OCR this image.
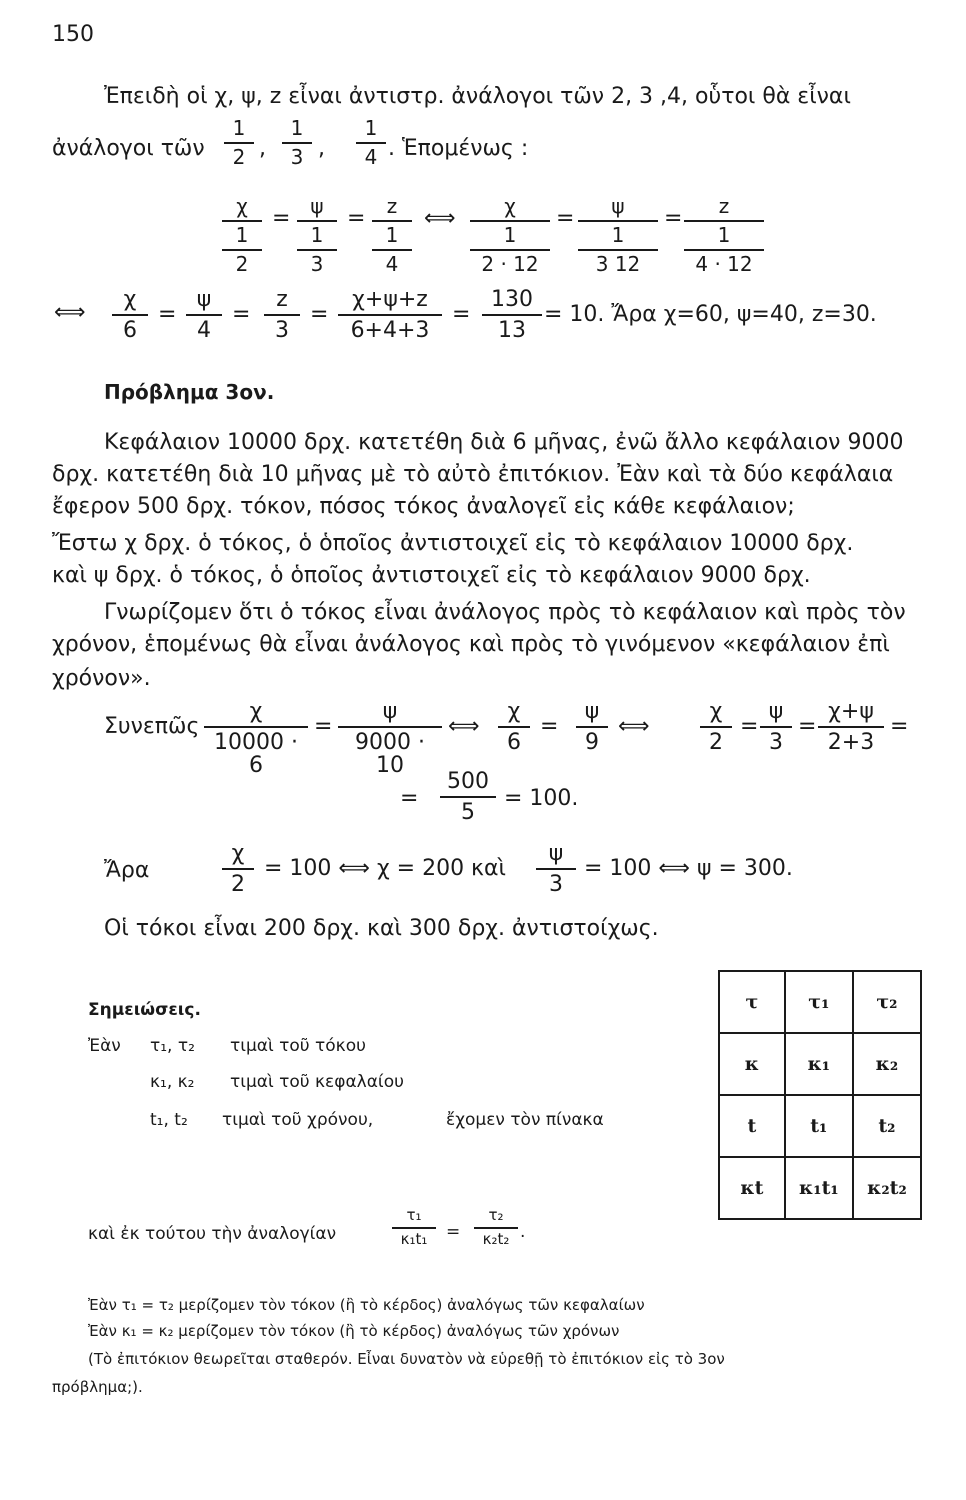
150
Ἐπειδὴ οἱ χ, ψ, z εἶναι ἀντιστρ. ἀνάλογοι τῶν 2, 3 ,4, οὗτοι θὰ εἶναι
ἀνάλογοι τῶν
1
2 ,
1
3 ,
1
4 . Ἑπομένως :
χ
1
2
= ψ
1
3
=	z
1
4
⟺	χ
1
2 · 12
=	ψ
1
3 12
=	z
1
4 · 12
⟺
χ
6
=
ψ
4
=
z
3
=
χ+ψ+z
6+4+3
=
130
13
= 10. Ἄρα χ=60, ψ=40, z=30.
Πρόβλημα 3ον.
Κεφάλαιον 10000 δρχ. κατετέθη διὰ 6 μῆνας, ἐνῶ ἄλλο κεφάλαιον 9000
δρχ. κατετέθη διὰ 10 μῆνας μὲ τὸ αὐτὸ ἐπιτόκιον. Ἐὰν καὶ τὰ δύο κεφάλαια
ἔφερον 500 δρχ. τόκον, πόσος τόκος ἀναλογεῖ εἰς κάθε κεφάλαιον;
Ἔστω χ δρχ. ὁ τόκος, ὁ ὁποῖος ἀντιστοιχεῖ εἰς τὸ κεφάλαιον 10000 δρχ.
καὶ ψ δρχ. ὁ τόκος, ὁ ὁποῖος ἀντιστοιχεῖ εἰς τὸ κεφάλαιον 9000 δρχ.
Γνωρίζομεν ὅτι ὁ τόκος εἶναι ἀνάλογος πρὸς τὸ κεφάλαιον καὶ πρὸς τὸν
χρόνον, ἑπομένως θὰ εἶναι ἀνάλογος καὶ πρὸς τὸ γινόμενον «κεφάλαιον ἐπὶ
χρόνον».
Συνεπῶς
χ
10000 · 6
=
ψ
9000 · 10
⟺
χ
6
=
ψ
9
⟺
χ
2
=
ψ
3
=
χ+ψ
2+3
=
=
500
5
= 100.
Ἄρα
χ
2
= 100 ⟺ χ = 200 καὶ
ψ
3
= 100 ⟺ ψ = 300.
Οἱ τόκοι εἶναι 200 δρχ. καὶ 300 δρχ. ἀντιστοίχως.
Σημειώσεις.
Ἐὰν τ₁, τ₂ τιμαὶ τοῦ τόκου
κ₁, κ₂ τιμαὶ τοῦ κεφαλαίου
t₁, t₂ τιμαὶ τοῦ χρόνου,	ἔχομεν τὸν πίνακα
καὶ ἐκ τούτου τὴν ἀναλογίαν
τ₁
κ₁t₁	=
τ₂
κ₂t₂ .
τ	τ₁	τ₂
κ	κ₁	κ₂
t	t₁	t₂
κt	κ₁t₁	κ₂t₂
Ἐὰν τ₁ = τ₂ μερίζομεν τὸν τόκον (ἢ τὸ κέρδος) ἀναλόγως τῶν κεφαλαίων
Ἐὰν κ₁ = κ₂ μερίζομεν τὸν τόκον (ἢ τὸ κέρδος) ἀναλόγως τῶν χρόνων
(Τὸ ἐπιτόκιον θεωρεῖται σταθερόν. Εἶναι δυνατὸν νὰ εὑρεθῇ τὸ ἐπιτόκιον εἰς τὸ 3ον
πρόβλημα;).
